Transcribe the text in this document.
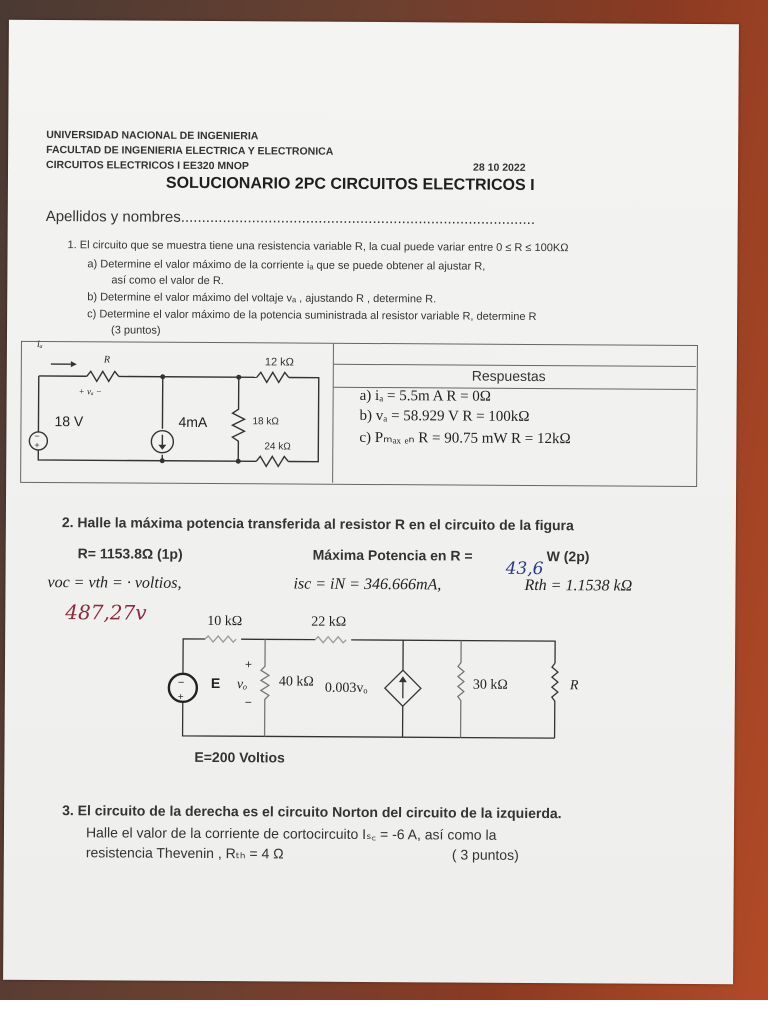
UNIVERSIDAD NACIONAL DE INGENIERIA
FACULTAD DE INGENIERIA ELECTRICA Y ELECTRONICA
CIRCUITOS ELECTRICOS I EE320 MNOP	28 10 2022
SOLUCIONARIO 2PC CIRCUITOS ELECTRICOS I
Apellidos y nombres.....................................................................................
1. El circuito que se muestra tiene una resistencia variable R, la cual puede variar entre 0 ≤ R ≤ 100KΩ
a) Determine el valor máximo de la corriente iₐ que se puede obtener al ajustar R,
así como el valor de R.
b) Determine el valor máximo del voltaje vₐ , ajustando R , determine R.
c) Determine el valor máximo de la potencia suministrada al resistor variable R, determine R
(3 puntos)
−
+
iₐ
R	12 kΩ
+ vₐ −
18 V	4mA	18 kΩ
24 kΩ
Respuestas
a) iₐ = 5.5m A R = 0Ω
b) vₐ = 58.929 V R = 100kΩ
c) Pₘₐₓ ₑₙ R = 90.75 mW R = 12kΩ
2. Halle la máxima potencia transferida al resistor R en el circuito de la figura
R= 1153.8Ω (1p)	Máxima Potencia en R =	W (2p)
43,6
voc = vth = · voltios,	isc = iN = 346.666mA,	Rth = 1.1538 kΩ
487,27v
−
+
10 kΩ	22 kΩ
E
+
vₒ
−
40 kΩ 0.003vₒ	30 kΩ	R
E=200 Voltios
3. El circuito de la derecha es el circuito Norton del circuito de la izquierda.
Halle el valor de la corriente de cortocircuito Iₛ꜀ = -6 A, así como la
resistencia Thevenin , Rₜₕ = 4 Ω	( 3 puntos)
